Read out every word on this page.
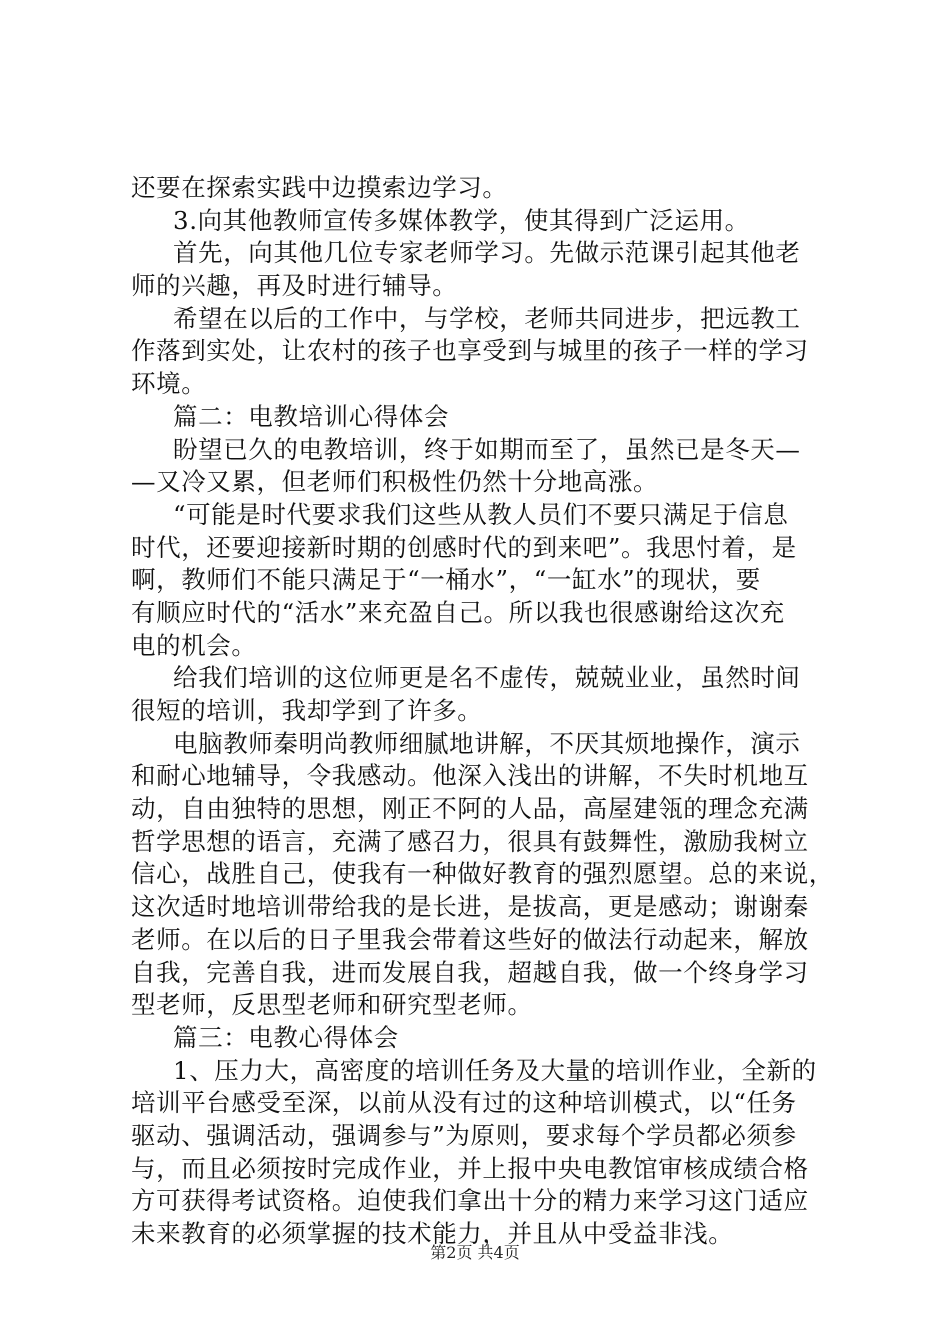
还要在探索实践中边摸索边学习。
3.向其他教师宣传多媒体教学，使其得到广泛运用。
首先，向其他几位专家老师学习。先做示范课引起其他老
师的兴趣，再及时进行辅导。
希望在以后的工作中，与学校，老师共同进步，把远教工
作落到实处，让农村的孩子也享受到与城里的孩子一样的学习
环境。
篇二：电教培训心得体会
盼望已久的电教培训，终于如期而至了，虽然已是冬天—
—又冷又累，但老师们积极性仍然十分地高涨。
“可能是时代要求我们这些从教人员们不要只满足于信息
时代，还要迎接新时期的创感时代的到来吧”。我思忖着，是
啊，教师们不能只满足于“一桶水”，“一缸水”的现状，要
有顺应时代的“活水”来充盈自己。所以我也很感谢给这次充
电的机会。
给我们培训的这位师更是名不虚传，兢兢业业，虽然时间
很短的培训，我却学到了许多。
电脑教师秦明尚教师细腻地讲解，不厌其烦地操作，演示
和耐心地辅导，令我感动。他深入浅出的讲解，不失时机地互
动，自由独特的思想，刚正不阿的人品，高屋建瓴的理念充满
哲学思想的语言，充满了感召力，很具有鼓舞性，激励我树立
信心，战胜自己，使我有一种做好教育的强烈愿望。总的来说，
这次适时地培训带给我的是长进，是拔高，更是感动；谢谢秦
老师。在以后的日子里我会带着这些好的做法行动起来，解放
自我，完善自我，进而发展自我，超越自我，做一个终身学习
型老师，反思型老师和研究型老师。
篇三：电教心得体会
1、压力大，高密度的培训任务及大量的培训作业，全新的
培训平台感受至深，以前从没有过的这种培训模式，以“任务
驱动、强调活动，强调参与”为原则，要求每个学员都必须参
与，而且必须按时完成作业，并上报中央电教馆审核成绩合格
方可获得考试资格。迫使我们拿出十分的精力来学习这门适应
未来教育的必须掌握的技术能力，并且从中受益非浅。
第2页 共4页
